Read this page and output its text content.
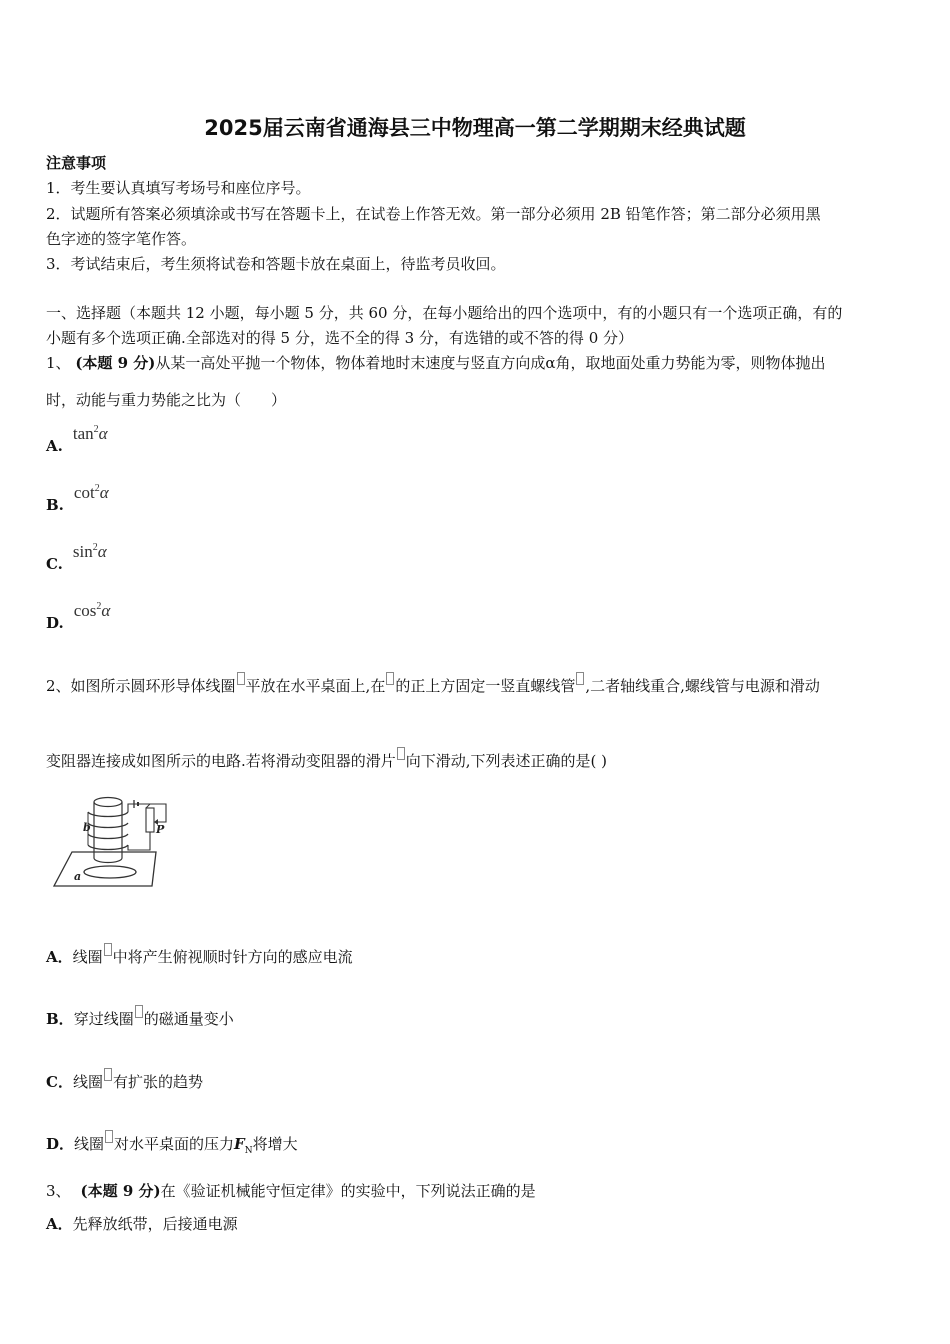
2025届云南省通海县三中物理高一第二学期期末经典试题
注意事项
1．考生要认真填写考场号和座位序号。
2．试题所有答案必须填涂或书写在答题卡上，在试卷上作答无效。第一部分必须用 2B 铅笔作答；第二部分必须用黑
色字迹的签字笔作答。
3．考试结束后，考生须将试卷和答题卡放在桌面上，待监考员收回。
一、选择题（本题共 12 小题，每小题 5 分，共 60 分，在每小题给出的四个选项中，有的小题只有一个选项正确，有的
小题有多个选项正确.全部选对的得 5 分，选不全的得 3 分，有选错的或不答的得 0 分）
1、 (本题 9 分)从某一高处平抛一个物体，物体着地时末速度与竖直方向成α角，取地面处重力势能为零，则物体抛出
时，动能与重力势能之比为（　　）
$A.\tan^2\alpha$
$B.\cot^2\alpha$
$C.\sin^2\alpha$
$D.\cos^2\alpha$
2、如图所示圆环形导体线圈 平放在水平桌面上,在 的正上方固定一竖直螺线管 ,二者轴线重合,螺线管与电源和滑动
变阻器连接成如图所示的电路.若将滑动变阻器的滑片 向下滑动,下列表述正确的是( )
b	P
a
A．线圈 中将产生俯视顺时针方向的感应电流
B．穿过线圈 的磁通量变小
C．线圈 有扩张的趋势
D．线圈 对水平桌面的压力$F_N$将增大
3、 (本题 9 分)在《验证机械能守恒定律》的实验中，下列说法正确的是
A．先释放纸带，后接通电源
